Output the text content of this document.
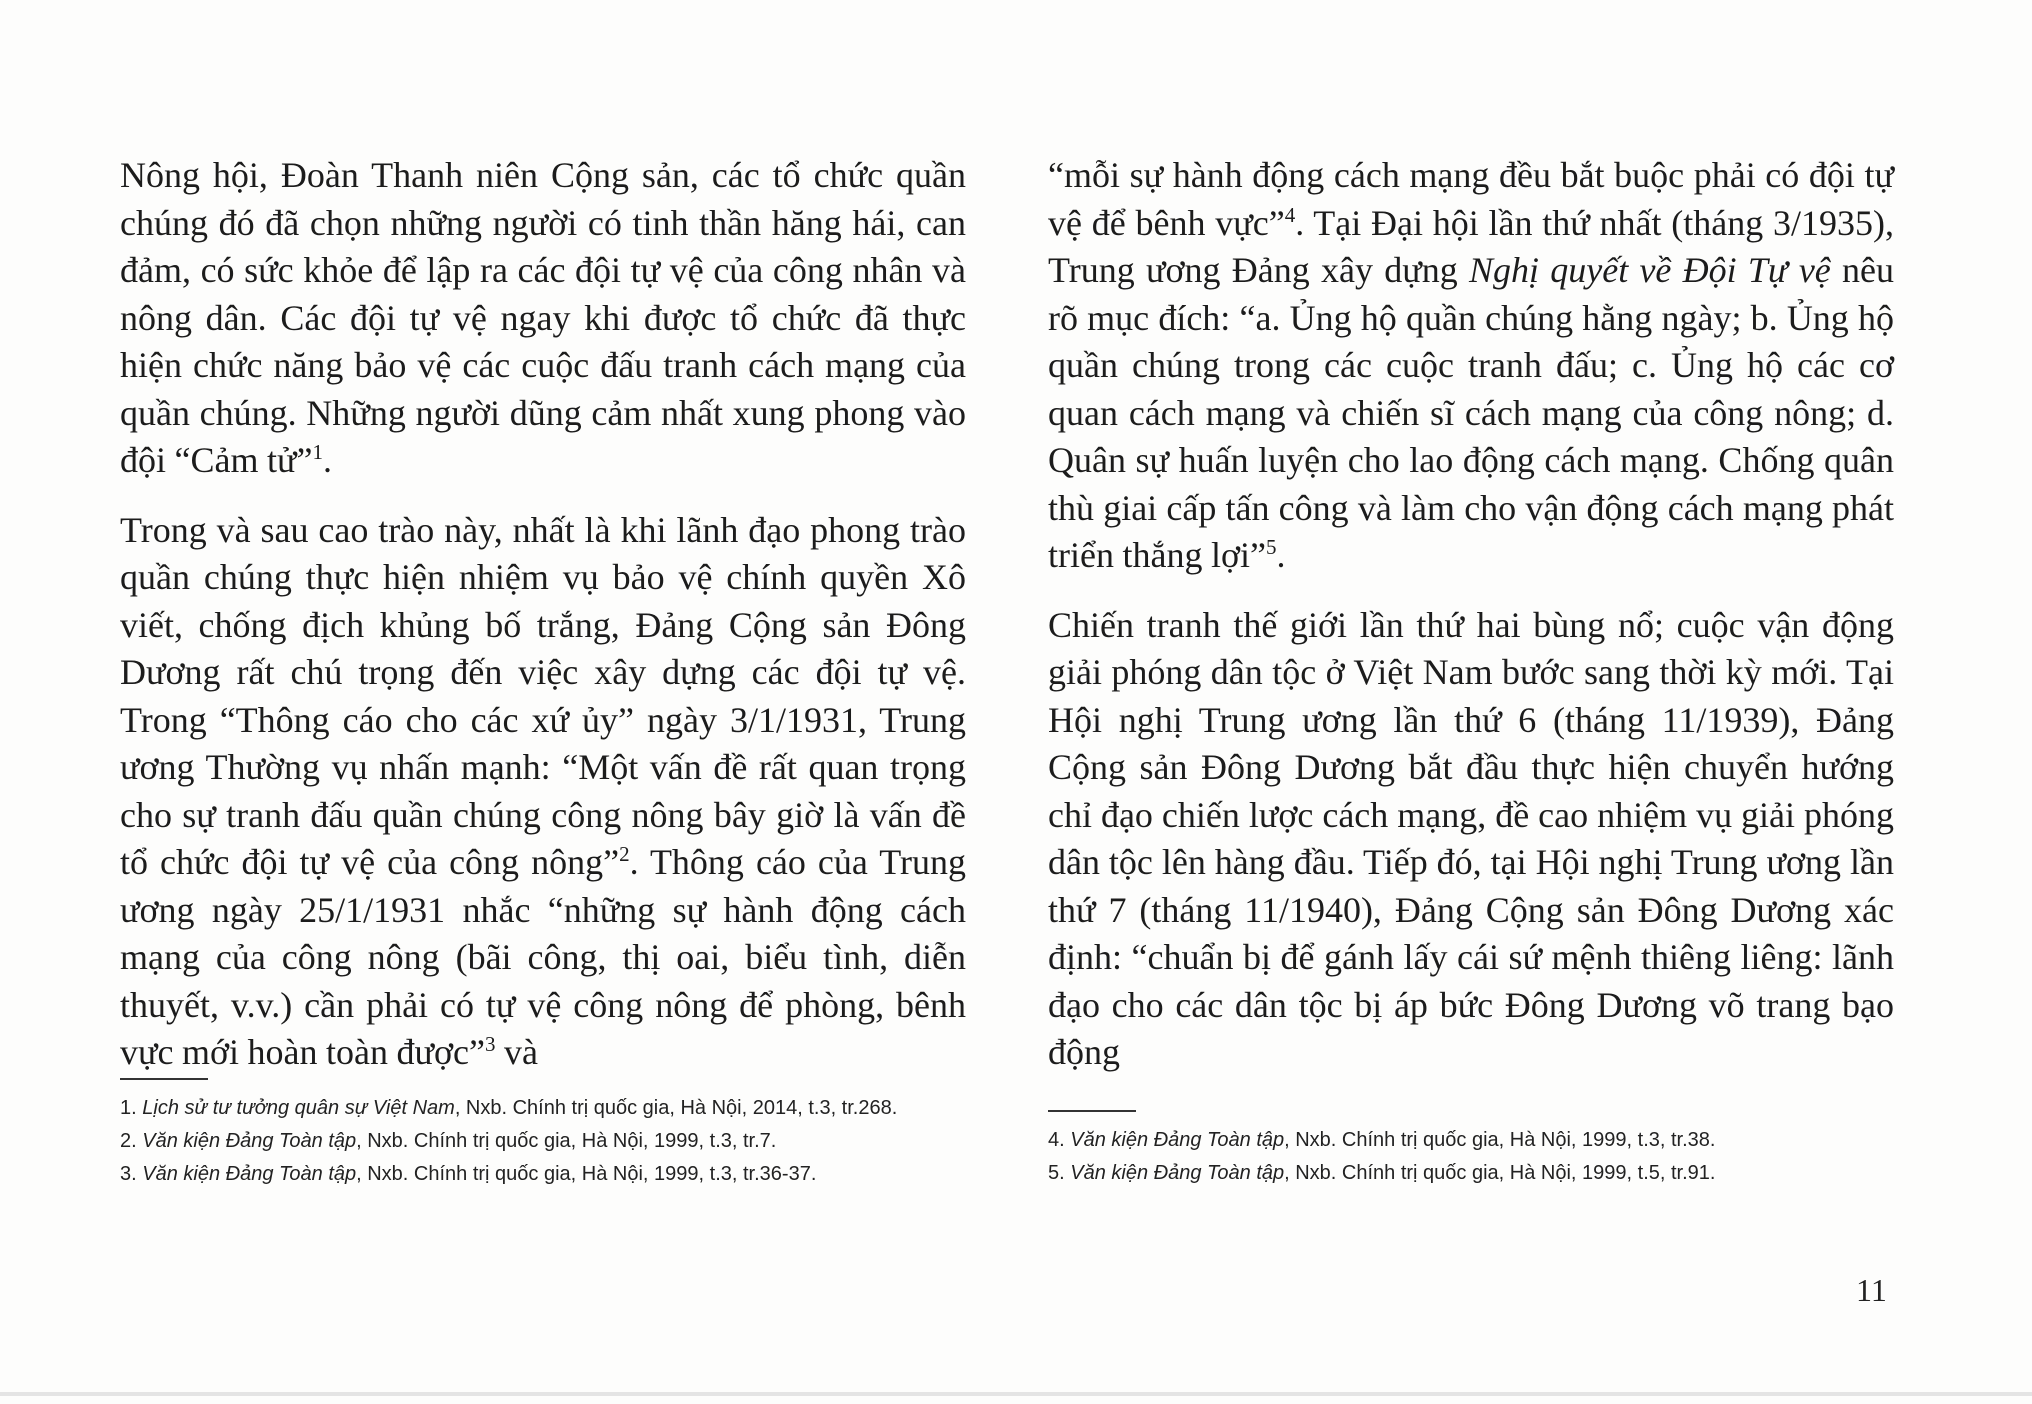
Nông hội, Đoàn Thanh niên Cộng sản, các tổ chức quần chúng đó đã chọn những người có tinh thần hăng hái, can đảm, có sức khỏe để lập ra các đội tự vệ của công nhân và nông dân. Các đội tự vệ ngay khi được tổ chức đã thực hiện chức năng bảo vệ các cuộc đấu tranh cách mạng của quần chúng. Những người dũng cảm nhất xung phong vào đội “Cảm tử”$^1$.

Trong và sau cao trào này, nhất là khi lãnh đạo phong trào quần chúng thực hiện nhiệm vụ bảo vệ chính quyền Xô viết, chống địch khủng bố trắng, Đảng Cộng sản Đông Dương rất chú trọng đến việc xây dựng các đội tự vệ. Trong “Thông cáo cho các xứ ủy” ngày 3/1/1931, Trung ương Thường vụ nhấn mạnh: “Một vấn đề rất quan trọng cho sự tranh đấu quần chúng công nông bây giờ là vấn đề tổ chức đội tự vệ của công nông”$^2$. Thông cáo của Trung ương ngày 25/1/1931 nhắc “những sự hành động cách mạng của công nông (bãi công, thị oai, biểu tình, diễn thuyết, v.v.) cần phải có tự vệ công nông để phòng, bênh vực mới hoàn toàn được”$^3$ và

“mỗi sự hành động cách mạng đều bắt buộc phải có đội tự vệ để bênh vực”$^4$. Tại Đại hội lần thứ nhất (tháng 3/1935), Trung ương Đảng xây dựng Nghị quyết về Đội Tự vệ nêu rõ mục đích: “a. Ủng hộ quần chúng hằng ngày; b. Ủng hộ quần chúng trong các cuộc tranh đấu; c. Ủng hộ các cơ quan cách mạng và chiến sĩ cách mạng của công nông; d. Quân sự huấn luyện cho lao động cách mạng. Chống quân thù giai cấp tấn công và làm cho vận động cách mạng phát triển thắng lợi”$^5$.

Chiến tranh thế giới lần thứ hai bùng nổ; cuộc vận động giải phóng dân tộc ở Việt Nam bước sang thời kỳ mới. Tại Hội nghị Trung ương lần thứ 6 (tháng 11/1939), Đảng Cộng sản Đông Dương bắt đầu thực hiện chuyển hướng chỉ đạo chiến lược cách mạng, đề cao nhiệm vụ giải phóng dân tộc lên hàng đầu. Tiếp đó, tại Hội nghị Trung ương lần thứ 7 (tháng 11/1940), Đảng Cộng sản Đông Dương xác định: “chuẩn bị để gánh lấy cái sứ mệnh thiêng liêng: lãnh đạo cho các dân tộc bị áp bức Đông Dương võ trang bạo động

1. Lịch sử tư tưởng quân sự Việt Nam, Nxb. Chính trị quốc gia, Hà Nội, 2014, t.3, tr.268.

2. Văn kiện Đảng Toàn tập, Nxb. Chính trị quốc gia, Hà Nội, 1999, t.3, tr.7.

3. Văn kiện Đảng Toàn tập, Nxb. Chính trị quốc gia, Hà Nội, 1999, t.3, tr.36-37.

4. Văn kiện Đảng Toàn tập, Nxb. Chính trị quốc gia, Hà Nội, 1999, t.3, tr.38.

5. Văn kiện Đảng Toàn tập, Nxb. Chính trị quốc gia, Hà Nội, 1999, t.5, tr.91.

11
